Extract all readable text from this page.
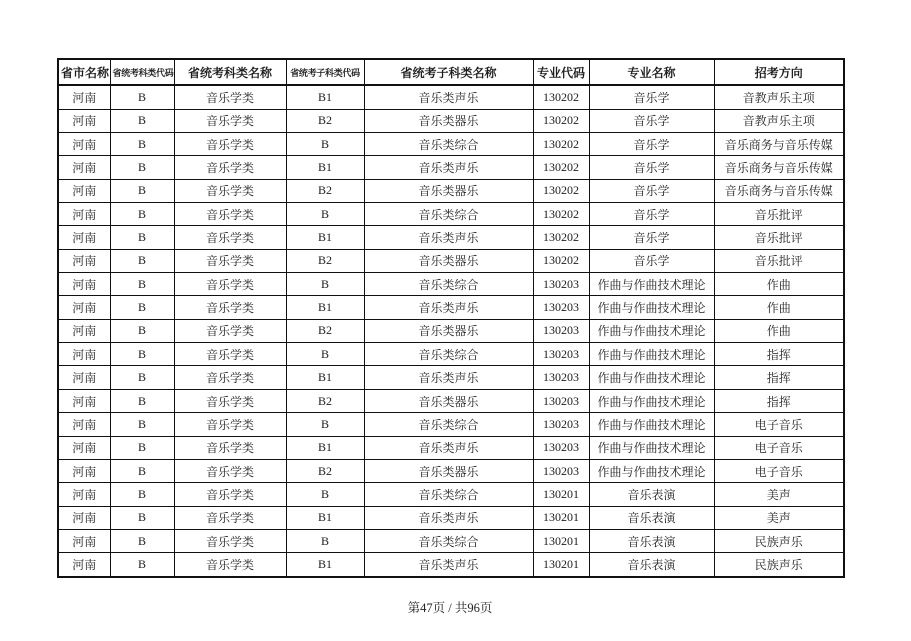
省市名称	省统考科类代码	省统考科类名称	省统考子科类代码	省统考子科类名称	专业代码	专业名称	招考方向
河南	B	音乐学类	B1	音乐类声乐	130202	音乐学	音教声乐主项
河南	B	音乐学类	B2	音乐类器乐	130202	音乐学	音教声乐主项
河南	B	音乐学类	B	音乐类综合	130202	音乐学	音乐商务与音乐传媒
河南	B	音乐学类	B1	音乐类声乐	130202	音乐学	音乐商务与音乐传媒
河南	B	音乐学类	B2	音乐类器乐	130202	音乐学	音乐商务与音乐传媒
河南	B	音乐学类	B	音乐类综合	130202	音乐学	音乐批评
河南	B	音乐学类	B1	音乐类声乐	130202	音乐学	音乐批评
河南	B	音乐学类	B2	音乐类器乐	130202	音乐学	音乐批评
河南	B	音乐学类	B	音乐类综合	130203	作曲与作曲技术理论	作曲
河南	B	音乐学类	B1	音乐类声乐	130203	作曲与作曲技术理论	作曲
河南	B	音乐学类	B2	音乐类器乐	130203	作曲与作曲技术理论	作曲
河南	B	音乐学类	B	音乐类综合	130203	作曲与作曲技术理论	指挥
河南	B	音乐学类	B1	音乐类声乐	130203	作曲与作曲技术理论	指挥
河南	B	音乐学类	B2	音乐类器乐	130203	作曲与作曲技术理论	指挥
河南	B	音乐学类	B	音乐类综合	130203	作曲与作曲技术理论	电子音乐
河南	B	音乐学类	B1	音乐类声乐	130203	作曲与作曲技术理论	电子音乐
河南	B	音乐学类	B2	音乐类器乐	130203	作曲与作曲技术理论	电子音乐
河南	B	音乐学类	B	音乐类综合	130201	音乐表演	美声
河南	B	音乐学类	B1	音乐类声乐	130201	音乐表演	美声
河南	B	音乐学类	B	音乐类综合	130201	音乐表演	民族声乐
河南	B	音乐学类	B1	音乐类声乐	130201	音乐表演	民族声乐
第47页 / 共96页
